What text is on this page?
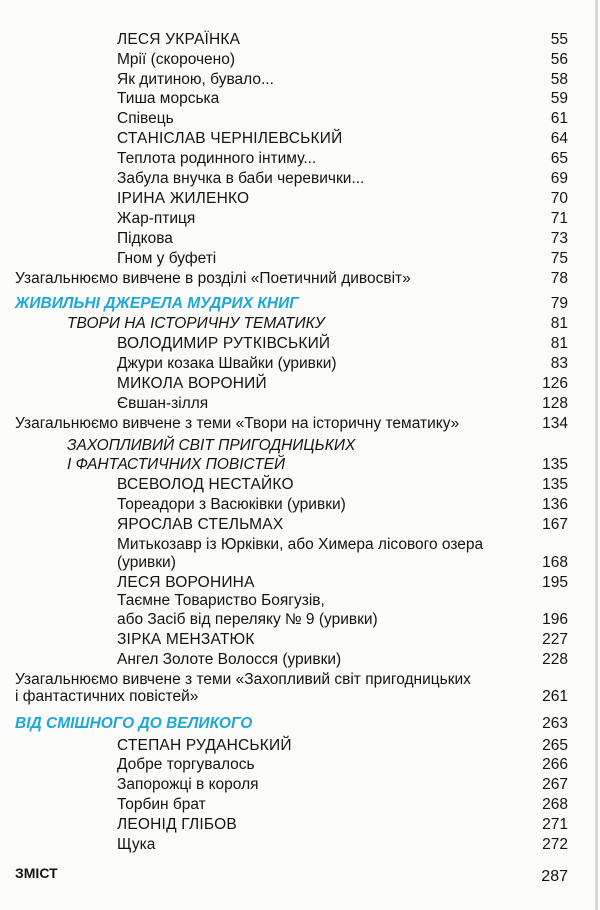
ЛЕСЯ УКРАЇНКА	55
Мрії (скорочено)	56
Як дитиною, бувало...	58
Тиша морська	59
Співець	61
СТАНІСЛАВ ЧЕРНІЛЕВСЬКИЙ	64
Теплота родинного інтиму...	65
Забула внучка в баби черевички...	69
ІРИНА ЖИЛЕНКО	70
Жар-птиця	71
Підкова	73
Гном у буфеті	75
Узагальнюємо вивчене в розділі «Поетичний дивосвіт»	78
ЖИВИЛЬНІ ДЖЕРЕЛА МУДРИХ КНИГ	79
ТВОРИ НА ІСТОРИЧНУ ТЕМАТИКУ	81
ВОЛОДИМИР РУТКІВСЬКИЙ	81
Джури козака Швайки (уривки)	83
МИКОЛА ВОРОНИЙ	126
Євшан-зілля	128
Узагальнюємо вивчене з теми «Твори на історичну тематику»	134
ЗАХОПЛИВИЙ СВІТ ПРИГОДНИЦЬКИХ
І ФАНТАСТИЧНИХ ПОВІСТЕЙ	135
ВСЕВОЛОД НЕСТАЙКО	135
Тореадори з Васюківки (уривки)	136
ЯРОСЛАВ СТЕЛЬМАХ	167
Митькозавр із Юрківки, або Химера лісового озера
(уривки)	168
ЛЕСЯ ВОРОНИНА	195
Таємне Товариство Боягузів,
або Засіб від переляку № 9 (уривки)	196
ЗІРКА МЕНЗАТЮК	227
Ангел Золоте Волосся (уривки)	228
Узагальнюємо вивчене з теми «Захопливий світ пригодницьких
і фантастичних повістей»	261
ВІД СМІШНОГО ДО ВЕЛИКОГО	263
СТЕПАН РУДАНСЬКИЙ	265
Добре торгувалось	266
Запорожці в короля	267
Торбин брат	268
ЛЕОНІД ГЛІБОВ	271
Щука	272
ЗМІСТ	287
